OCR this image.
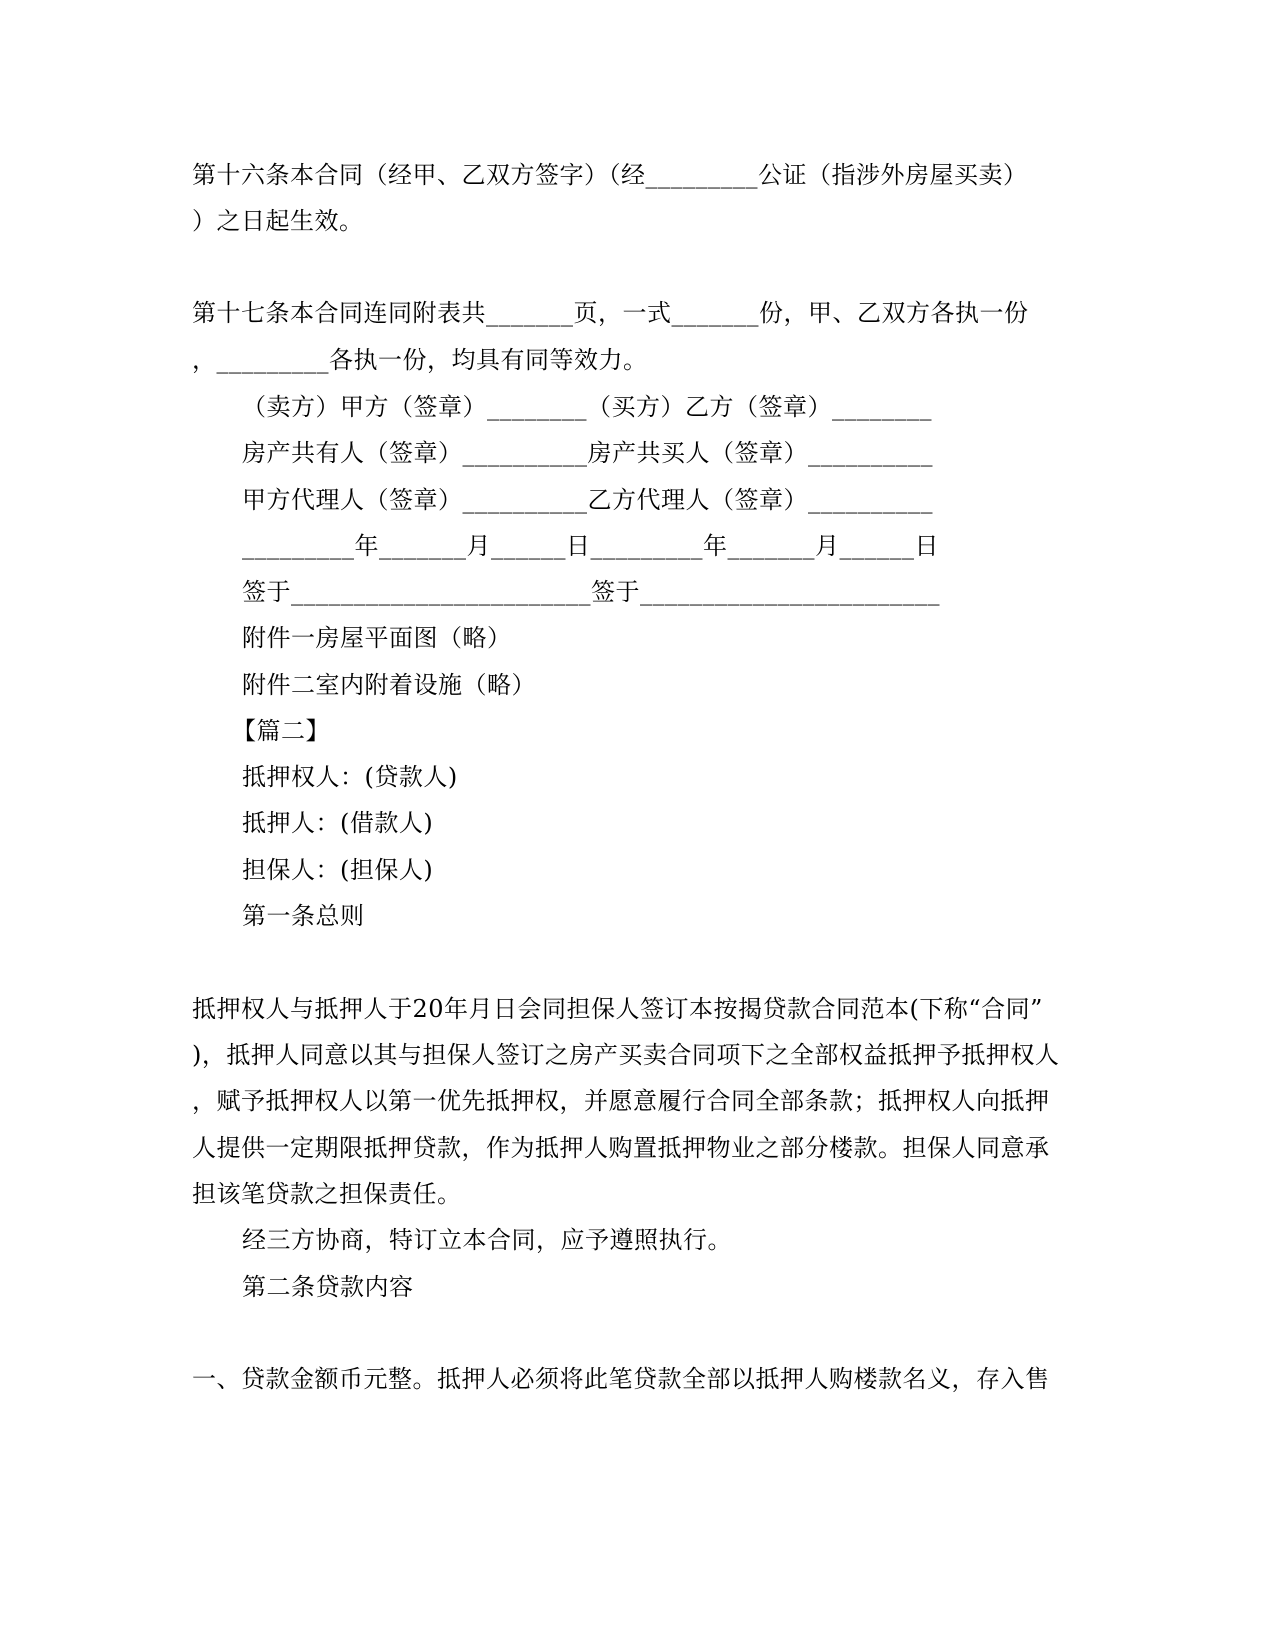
第十六条本合同（经甲、乙双方签字）（经_________公证（指涉外房屋买卖）
）之日起生效。
第十七条本合同连同附表共_______页，一式_______份，甲、乙双方各执一份
，_________各执一份，均具有同等效力。
（卖方）甲方（签章）________（买方）乙方（签章）________
房产共有人（签章）__________房产共买人（签章）__________
甲方代理人（签章）__________乙方代理人（签章）__________
_________年_______月______日_________年_______月______日
签于________________________签于________________________
附件一房屋平面图（略）
附件二室内附着设施（略）
【篇二】
抵押权人：(贷款人)
抵押人：(借款人)
担保人：(担保人)
第一条总则
抵押权人与抵押人于20年月日会同担保人签订本按揭贷款合同范本(下称“合同”
)，抵押人同意以其与担保人签订之房产买卖合同项下之全部权益抵押予抵押权人
，赋予抵押权人以第一优先抵押权，并愿意履行合同全部条款；抵押权人向抵押
人提供一定期限抵押贷款，作为抵押人购置抵押物业之部分楼款。担保人同意承
担该笔贷款之担保责任。
经三方协商，特订立本合同，应予遵照执行。
第二条贷款内容
一、贷款金额币元整。抵押人必须将此笔贷款全部以抵押人购楼款名义，存入售
